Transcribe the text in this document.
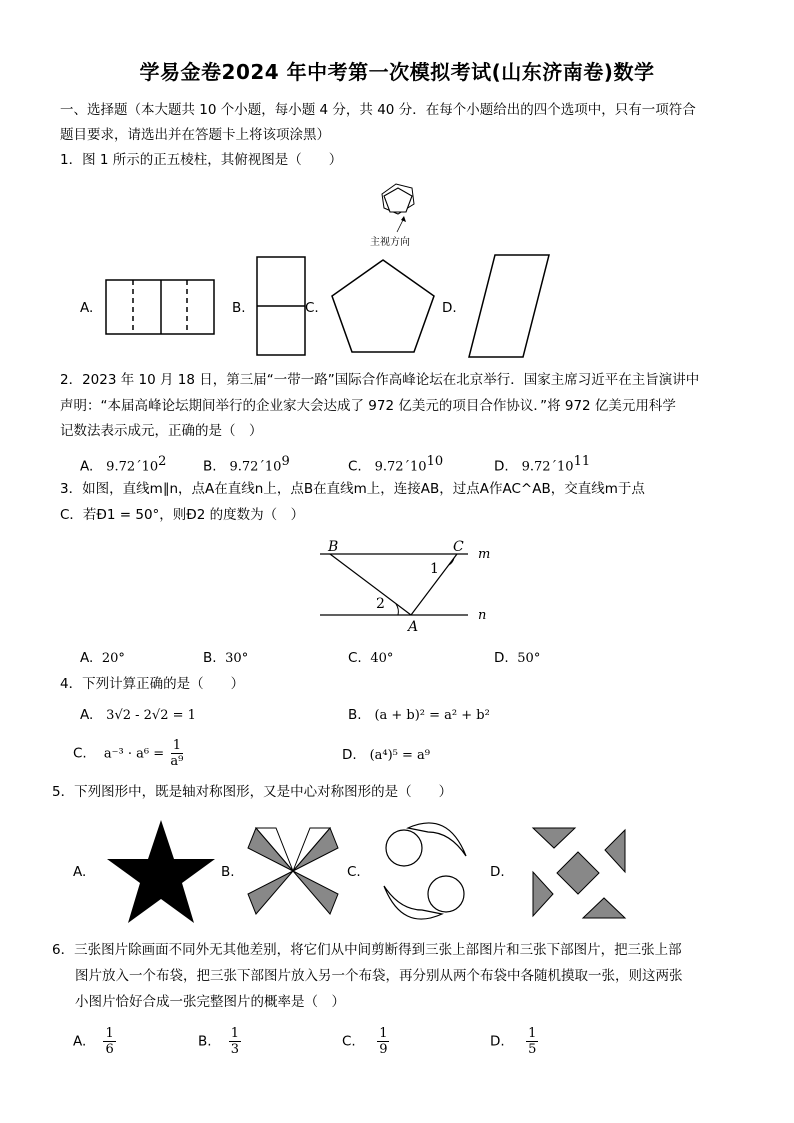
学易金卷2024 年中考第一次模拟考试(山东济南卷)数学
一、选择题（本大题共 10 个小题，每小题 4 分，共 40 分．在每个小题给出的四个选项中，只有一项符合
题目要求，请选出并在答题卡上将该项涂黑）
1．图 1 所示的正五棱柱，其俯视图是（　　）
主视方向
A.	B.	C.	D.
2．2023 年 10 月 18 日，第三届“一带一路”国际合作高峰论坛在北京举行．国家主席习近平在主旨演讲中
声明：“本届高峰论坛期间举行的企业家大会达成了 972 亿美元的项目合作协议．”将 972 亿美元用科学
记数法表示成元，正确的是（　）
A. $9.72´10^2$	B. $9.72´10^9$	C. $9.72´10^{10}$	D. $9.72´10^{11}$
3．如图，直线m∥n，点A在直线n上，点B在直线m上，连接AB，过点A作AC^AB，交直线m于点
C．若Ð1 = 50°，则Ð2 的度数为（　）
B	C m
1
2
A
n
A. 20°	B. 30°	C. 40°	D. 50°
4．下列计算正确的是（　　）
A. 3√2 - 2√2 = 1	B. (a + b)² = a² + b²
C. $a^{-3} \cdot a^6 = \frac{1}{\text{a⁹}}$	D. (a⁴)⁵ = a⁹
5．下列图形中，既是轴对称图形，又是中心对称图形的是（　　）
A.	B.	C.	D.
6．三张图片除画面不同外无其他差别，将它们从中间剪断得到三张上部图片和三张下部图片，把三张上部
图片放入一个布袋，把三张下部图片放入另一个布袋，再分别从两个布袋中各随机摸取一张，则这两张
小图片恰好合成一张完整图片的概率是（　）
A. $\frac{1}{6}$	B. $\frac{1}{3}$	C. $\frac{1}{9}$	D. $\frac{1}{5}$
